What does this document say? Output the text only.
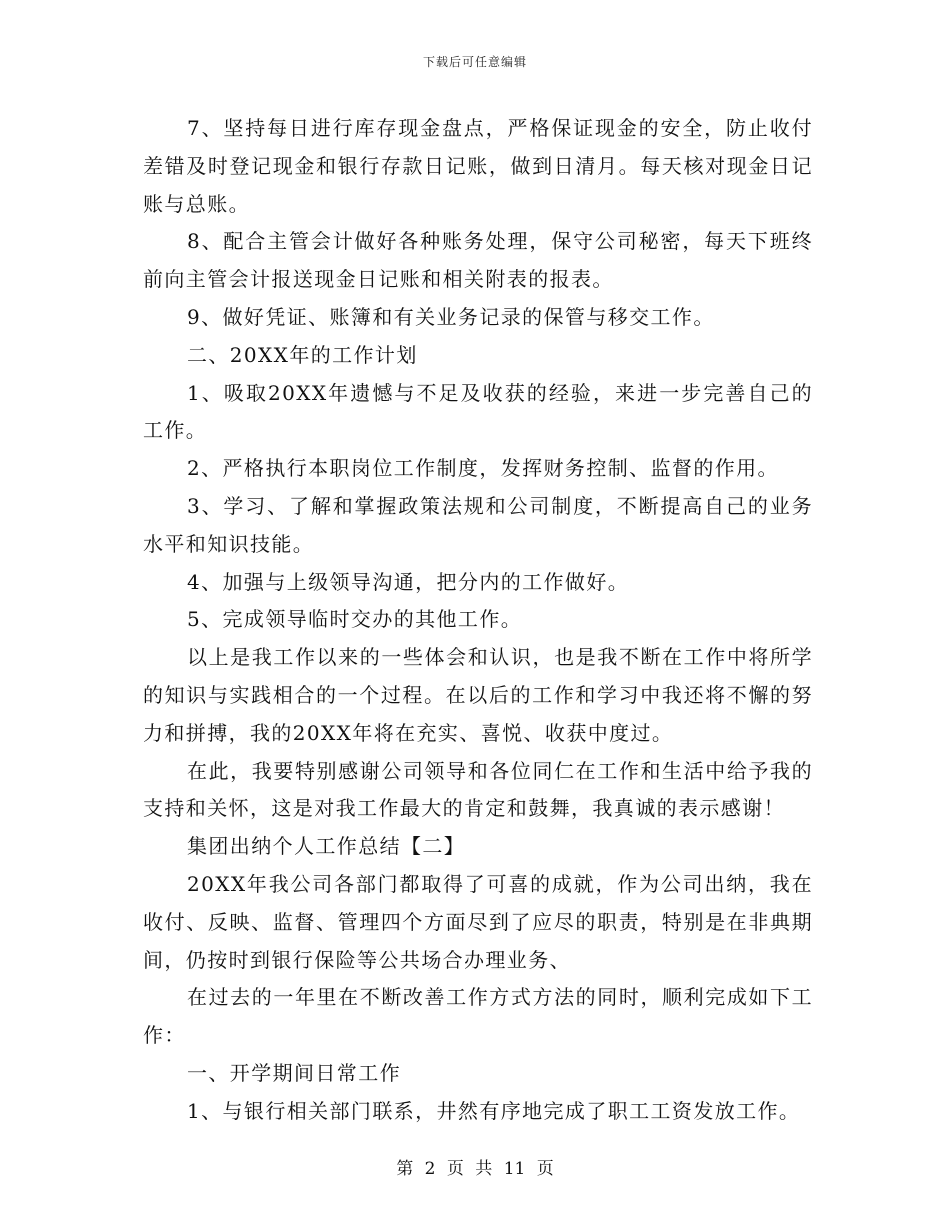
下载后可任意编辑

7、坚持每日进行库存现金盘点，严格保证现金的安全，防止收付差错及时登记现金和银行存款日记账，做到日清月。每天核对现金日记账与总账。

8、配合主管会计做好各种账务处理，保守公司秘密，每天下班终前向主管会计报送现金日记账和相关附表的报表。

9、做好凭证、账簿和有关业务记录的保管与移交工作。

二、20XX年的工作计划

1、吸取20XX年遗憾与不足及收获的经验，来进一步完善自己的工作。

2、严格执行本职岗位工作制度，发挥财务控制、监督的作用。

3、学习、了解和掌握政策法规和公司制度，不断提高自己的业务水平和知识技能。

4、加强与上级领导沟通，把分内的工作做好。

5、完成领导临时交办的其他工作。

以上是我工作以来的一些体会和认识，也是我不断在工作中将所学的知识与实践相合的一个过程。在以后的工作和学习中我还将不懈的努力和拼搏，我的20XX年将在充实、喜悦、收获中度过。

在此，我要特别感谢公司领导和各位同仁在工作和生活中给予我的支持和关怀，这是对我工作最大的肯定和鼓舞，我真诚的表示感谢！

集团出纳个人工作总结【二】

20XX年我公司各部门都取得了可喜的成就，作为公司出纳，我在收付、反映、监督、管理四个方面尽到了应尽的职责，特别是在非典期间，仍按时到银行保险等公共场合办理业务、

在过去的一年里在不断改善工作方式方法的同时，顺利完成如下工作：

一、开学期间日常工作

1、与银行相关部门联系，井然有序地完成了职工工资发放工作。

第 2 页 共 11 页
